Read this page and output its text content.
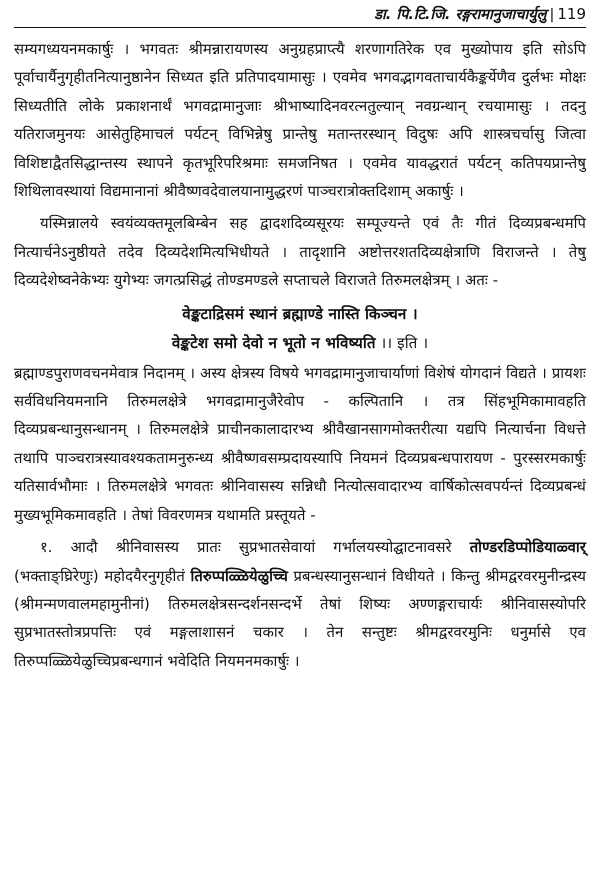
डा. पि.टि.जि. रङ्गरामानुजाचार्युलु | 119

सम्यगध्ययनमकार्षुः । भगवतः श्रीमन्नारायणस्य अनुग्रहप्राप्त्यै शरणागतिरेक एव मुख्योपाय इति सोऽपि पूर्वाचार्यैनुगृहीतनित्यानुष्ठानेन सिध्यत इति प्रतिपादयामासुः । एवमेव भगवद्भागवताचार्यकैङ्कर्येणैव दुर्लभः मोक्षः सिध्यतीति लोके प्रकाशनार्थं भगवद्रामानुजाः श्रीभाष्यादिनवरत्नतुल्यान् नवग्रन्थान् रचयामासुः । तदनु यतिराजमुनयः आसेतुहिमाचलं पर्यटन् विभिन्नेषु प्रान्तेषु मतान्तरस्थान् विदुषः अपि शास्त्रचर्चासु जित्वा विशिष्टाद्वैतसिद्धान्तस्य स्थापने कृतभूरिपरिश्रमाः समजनिषत । एवमेव यावद्धरातं पर्यटन् कतिपयप्रान्तेषु शिथिलावस्थायां विद्यमानानां श्रीवैष्णवदेवालयानामुद्धरणं पाञ्चरात्रोक्तदिशाम् अकार्षुः ।

यस्मिन्नालये स्वयंव्यक्तमूलबिम्बेन सह द्वादशदिव्यसूरयः सम्पूज्यन्ते एवं तैः गीतं दिव्यप्रबन्धमपि नित्यार्चनेऽनुष्ठीयते तदेव दिव्यदेशमित्यभिधीयते । तादृशानि अष्टोत्तरशतदिव्यक्षेत्राणि विराजन्ते । तेषु दिव्यदेशेष्वनेकेभ्यः युगेभ्यः जगत्प्रसिद्धं तोण्डमण्डले सप्ताचले विराजते तिरुमलक्षेत्रम् । अतः -

वेङ्कटाद्रिसमं स्थानं ब्रह्माण्डे नास्ति किञ्चन ।
वेङ्कटेश समो देवो न भूतो न भविष्यति ।। इति ।

ब्रह्माण्डपुराणवचनमेवात्र निदानम् । अस्य क्षेत्रस्य विषये भगवद्रामानुजाचार्याणां विशेषं योगदानं विद्यते । प्रायशः सर्वविधनियमनानि तिरुमलक्षेत्रे भगवद्रामानुजैरेवोप - कल्पितानि । तत्र सिंहभूमिकामावहति दिव्यप्रबन्धानुसन्धानम् । तिरुमलक्षेत्रे प्राचीनकालादारभ्य श्रीवैखानसागमोक्तरीत्या यद्यपि नित्यार्चना विधत्ते तथापि पाञ्चरात्रस्यावश्यकतामनुरुन्ध्य श्रीवैष्णवसम्प्रदायस्यापि नियमनं दिव्यप्रबन्धपारायण - पुरस्सरमकार्षुः यतिसार्वभौमाः । तिरुमलक्षेत्रे भगवतः श्रीनिवासस्य सन्निधौ नित्योत्सवादारभ्य वार्षिकोत्सवपर्यन्तं दिव्यप्रबन्धं मुख्यभूमिकमावहति । तेषां विवरणमत्र यथामति प्रस्तूयते -

१. आदौ श्रीनिवासस्य प्रातः सुप्रभातसेवायां गर्भालयस्योद्घाटनावसरे तोण्डरडिप्पोडियाळ्वार् (भक्ताङ्घ्रिरेणुः) महोदयैरनुगृहीतं तिरुप्पळ्ळियेळुच्चि प्रबन्धस्यानुसन्धानं विधीयते । किन्तु श्रीमद्वरवरमुनीन्द्रस्य (श्रीमन्मणवालमहामुनीनां) तिरुमलक्षेत्रसन्दर्शनसन्दर्भे तेषां शिष्यः अण्णङ्गराचार्यः श्रीनिवासस्योपरि सुप्रभातस्तोत्रप्रपत्तिः एवं मङ्गलाशासनं चकार । तेन सन्तुष्टः श्रीमद्वरवरमुनिः धनुर्मासे एव तिरुप्पळ्ळियेळुच्चिप्रबन्धगानं भवेदिति नियमनमकार्षुः ।
